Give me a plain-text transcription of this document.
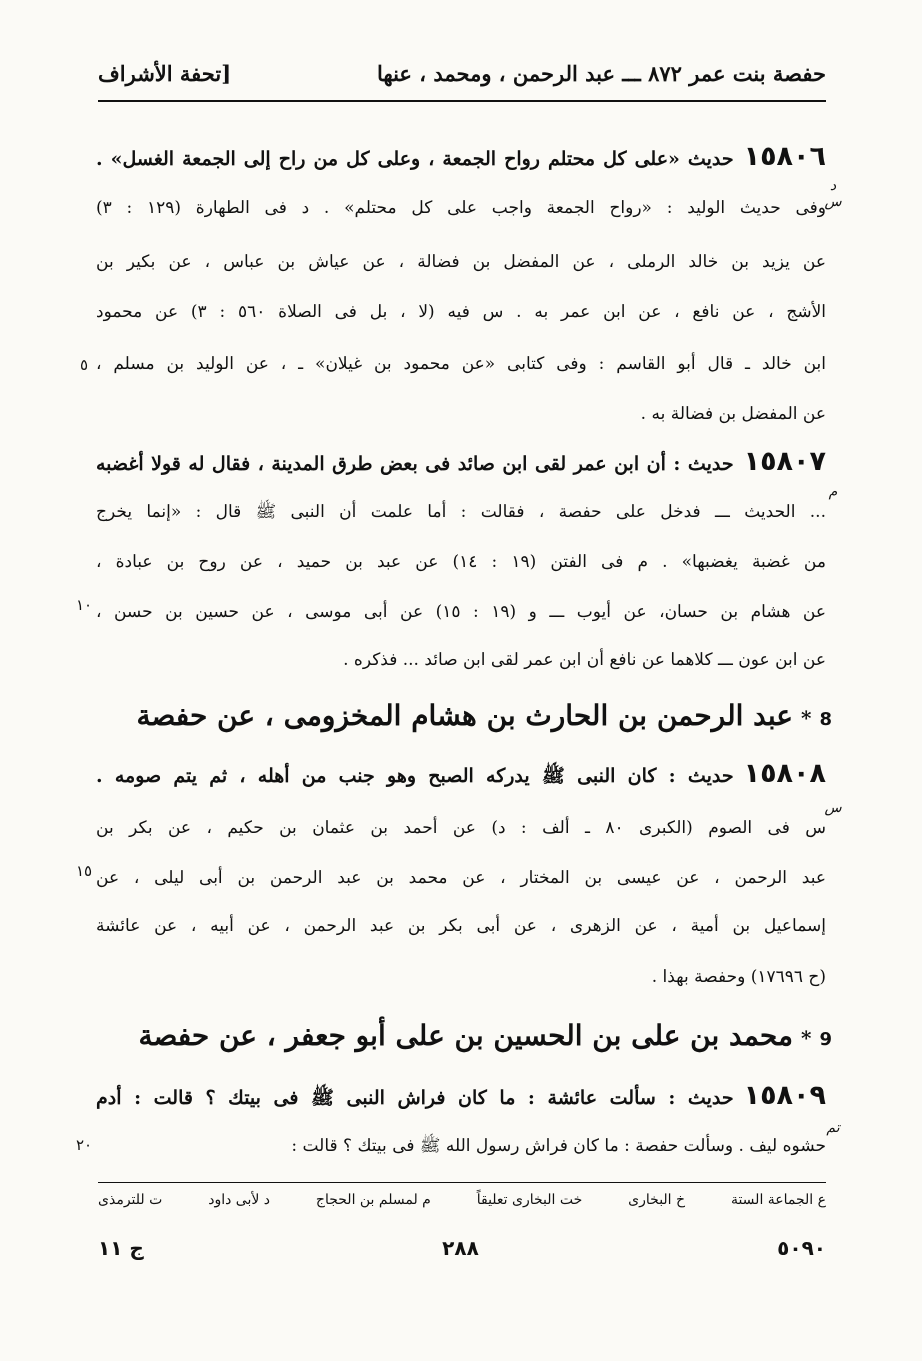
حفصة بنت عمر ٨٧٢ ـــ عبد الرحمن ، ومحمد ، عنها
[تحفة الأشراف
١٥٨٠٦حديث «على كل محتلم رواح الجمعة ، وعلى كل من راح إلى الجمعة الغسل» .
وفى حديث الوليد : «رواح الجمعة واجب على كل محتلم» . د فى الطهارة (١٢٩ : ٣)
عن يزيد بن خالد الرملى ، عن المفضل بن فضالة ، عن عياش بن عباس ، عن بكير بن
الأشج ، عن نافع ، عن ابن عمر به . س فيه (لا ، بل فى الصلاة ٥٦٠ : ٣) عن محمود
ابن خالد ـ قال أبو القاسم : وفى كتابى «عن محمود بن غيلان» ـ ، عن الوليد بن مسلم ،
عن المفضل بن فضالة به .
١٥٨٠٧حديث : أن ابن عمر لقى ابن صائد فى بعض طرق المدينة ، فقال له قولا أغضبه
... الحديث ـــ فدخل على حفصة ، فقالت : أما علمت أن النبى ﷺ قال : «إنما يخرج
من غضبة يغضبها» . م فى الفتن (١٩ : ١٤) عن عبد بن حميد ، عن روح بن عبادة ،
عن هشام بن حسان، عن أيوب ـــ و (١٩ : ١٥) عن أبى موسى ، عن حسين بن حسن ،
عن ابن عون ـــ كلاهما عن نافع أن ابن عمر لقى ابن صائد ... فذكره .
8*عبد الرحمن بن الحارث بن هشام المخزومى ، عن حفصة
١٥٨٠٨حديث : كان النبى ﷺ يدركه الصبح وهو جنب من أهله ، ثم يتم صومه .
س فى الصوم (الكبرى ٨٠ ـ ألف : د) عن أحمد بن عثمان بن حكيم ، عن بكر بن
عبد الرحمن ، عن عيسى بن المختار ، عن محمد بن عبد الرحمن بن أبى ليلى ، عن
إسماعيل بن أمية ، عن الزهرى ، عن أبى بكر بن عبد الرحمن ، عن أبيه ، عن عائشة
(ح ١٧٦٩٦) وحفصة بهذا .
9*محمد بن على بن الحسين بن على أبو جعفر ، عن حفصة
١٥٨٠٩حديث : سألت عائشة : ما كان فراش النبى ﷺ فى بيتك ؟ قالت : أدم
حشوه ليف . وسألت حفصة : ما كان فراش رسول الله ﷺ فى بيتك ؟ قالت :
٥
١٠
١٥
٢٠
د س
م
س
تم
ع الجماعة الستة
خ البخارى
خت البخارى تعليقاً
م لمسلم بن الحجاج
د لأبى داود
ت للترمذى
ج ١١	٢٨٨	٥٠٩٠
